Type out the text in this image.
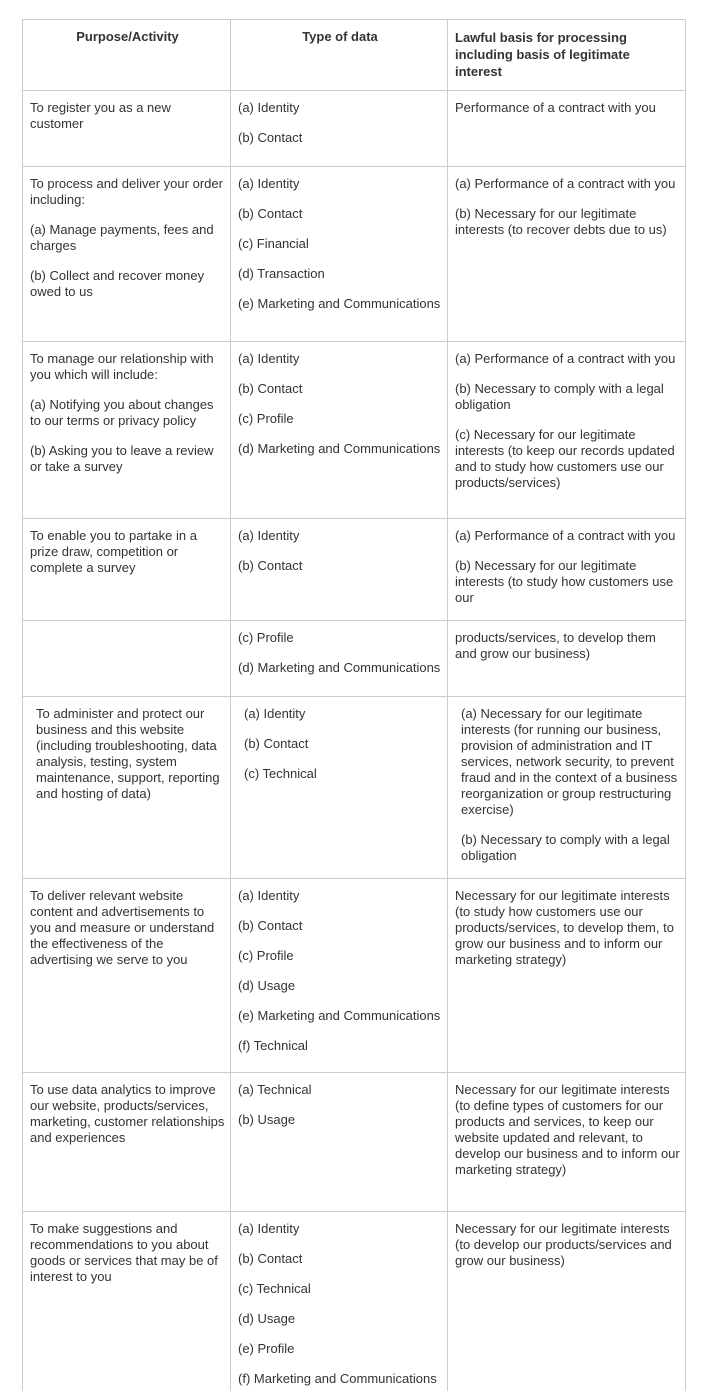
Purpose/Activity	Type of data	Lawful basis for processing including basis of legitimate interest

To register you as a new customer

(a) Identity

(b) Contact

Performance of a contract with you

To process and deliver your order including:

(a) Manage payments, fees and charges

(b) Collect and recover money owed to us

(a) Identity

(b) Contact

(c) Financial

(d) Transaction

(e) Marketing and Communications

(a) Performance of a contract with you

(b) Necessary for our legitimate interests (to recover debts due to us)

To manage our relationship with you which will include:

(a) Notifying you about changes to our terms or privacy policy

(b) Asking you to leave a review or take a survey

(a) Identity

(b) Contact

(c) Profile

(d) Marketing and Communications

(a) Performance of a contract with you

(b) Necessary to comply with a legal obligation

(c) Necessary for our legitimate interests (to keep our records updated and to study how customers use our products/services)

To enable you to partake in a prize draw, competition or complete a survey

(a) Identity

(b) Contact

(a) Performance of a contract with you

(b) Necessary for our legitimate interests (to study how customers use our

(c) Profile

(d) Marketing and Communications

products/services, to develop them and grow our business)

To administer and protect our business and this website (including troubleshooting, data analysis, testing, system maintenance, support, reporting and hosting of data)

(a) Identity

(b) Contact

(c) Technical

(a) Necessary for our legitimate interests (for running our business, provision of administration and IT services, network security, to prevent fraud and in the context of a business reorganization or group restructuring exercise)

(b) Necessary to comply with a legal obligation

To deliver relevant website content and advertisements to you and measure or understand the effectiveness of the advertising we serve to you

(a) Identity

(b) Contact

(c) Profile

(d) Usage

(e) Marketing and Communications

(f) Technical

Necessary for our legitimate interests (to study how customers use our products/services, to develop them, to grow our business and to inform our marketing strategy)

To use data analytics to improve our website, products/services, marketing, customer relationships and experiences

(a) Technical

(b) Usage

Necessary for our legitimate interests (to define types of customers for our products and services, to keep our website updated and relevant, to develop our business and to inform our marketing strategy)

To make suggestions and recommendations to you about goods or services that may be of interest to you

(a) Identity

(b) Contact

(c) Technical

(d) Usage

(e) Profile

(f) Marketing and Communications

Necessary for our legitimate interests (to develop our products/services and grow our business)
